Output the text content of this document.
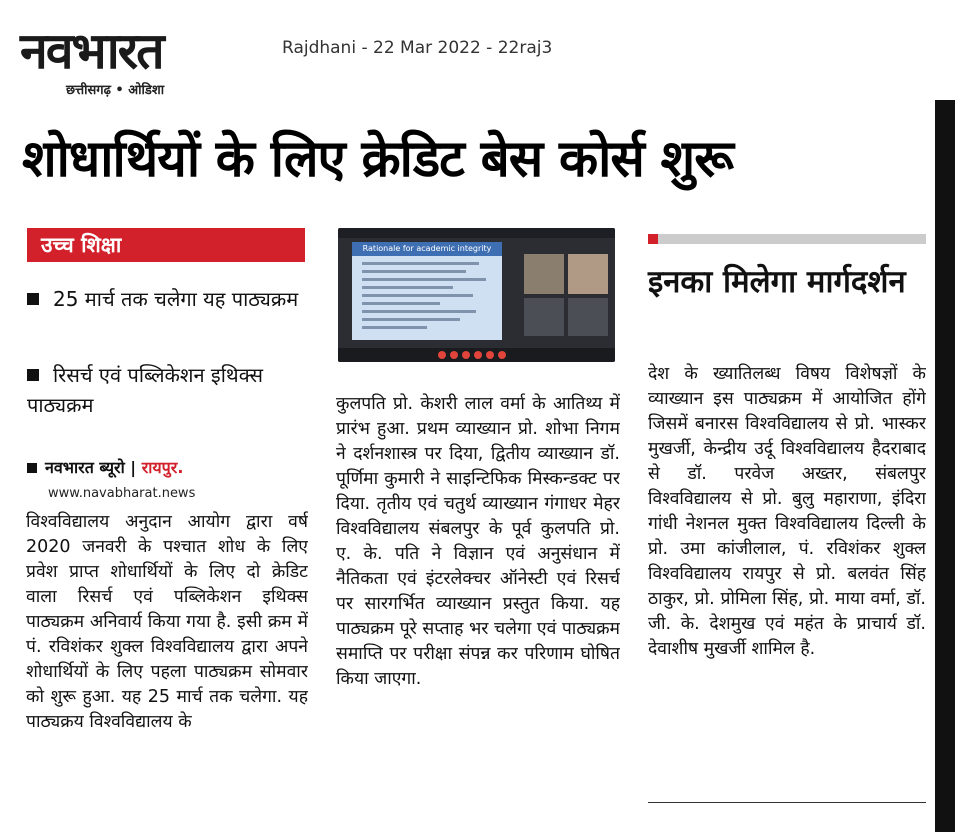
नवभारत
छत्तीसगढ़ • ओडिशा
Rajdhani - 22 Mar 2022 - 22raj3
शोधार्थियों के लिए क्रेडिट बेस कोर्स शुरू
उच्च शिक्षा
25 मार्च तक चलेगा यह पाठ्यक्रम
रिसर्च एवं पब्लिकेशन इथिक्स पाठ्यक्रम
नवभारत ब्यूरो | रायपुर.
www.navabharat.news
विश्वविद्यालय अनुदान आयोग द्वारा वर्ष 2020 जनवरी के पश्चात शोध के लिए प्रवेश प्राप्त शोधार्थियों के लिए दो क्रेडिट वाला रिसर्च एवं पब्लिकेशन इथिक्स पाठ्यक्रम अनिवार्य किया गया है. इसी क्रम में पं. रविशंकर शुक्ल विश्वविद्यालय द्वारा अपने शोधार्थियों के लिए पहला पाठ्यक्रम सोमवार को शुरू हुआ. यह 25 मार्च तक चलेगा. यह पाठ्यक्रय विश्वविद्यालय के
Rationale for academic integrity
कुलपति प्रो. केशरी लाल वर्मा के आतिथ्य में प्रारंभ हुआ. प्रथम व्याख्यान प्रो. शोभा निगम ने दर्शनशास्त्र पर दिया, द्वितीय व्याख्यान डॉ. पूर्णिमा कुमारी ने साइन्टिफिक मिस्कन्डक्ट पर दिया. तृतीय एवं चतुर्थ व्याख्यान गंगाधर मेहर विश्वविद्यालय संबलपुर के पूर्व कुलपति प्रो. ए. के. पति ने विज्ञान एवं अनुसंधान में नैतिकता एवं इंटरलेक्चर ऑनेस्टी एवं रिसर्च पर सारगर्भित व्याख्यान प्रस्तुत किया. यह पाठ्यक्रम पूरे सप्ताह भर चलेगा एवं पाठ्यक्रम समाप्ति पर परीक्षा संपन्न कर परिणाम घोषित किया जाएगा.
इनका मिलेगा मार्गदर्शन
देश के ख्यातिलब्ध विषय विशेषज्ञों के व्याख्यान इस पाठ्यक्रम में आयोजित होंगे जिसमें बनारस विश्वविद्यालय से प्रो. भास्कर मुखर्जी, केन्द्रीय उर्दू विश्वविद्यालय हैदराबाद से डॉ. परवेज अख्तर, संबलपुर विश्वविद्यालय से प्रो. बुलु महाराणा, इंदिरा गांधी नेशनल मुक्त विश्वविद्यालय दिल्ली के प्रो. उमा कांजीलाल, पं. रविशंकर शुक्ल विश्वविद्यालय रायपुर से प्रो. बलवंत सिंह ठाकुर, प्रो. प्रोमिला सिंह, प्रो. माया वर्मा, डॉ. जी. के. देशमुख एवं महंत के प्राचार्य डॉ. देवाशीष मुखर्जी शामिल है.
